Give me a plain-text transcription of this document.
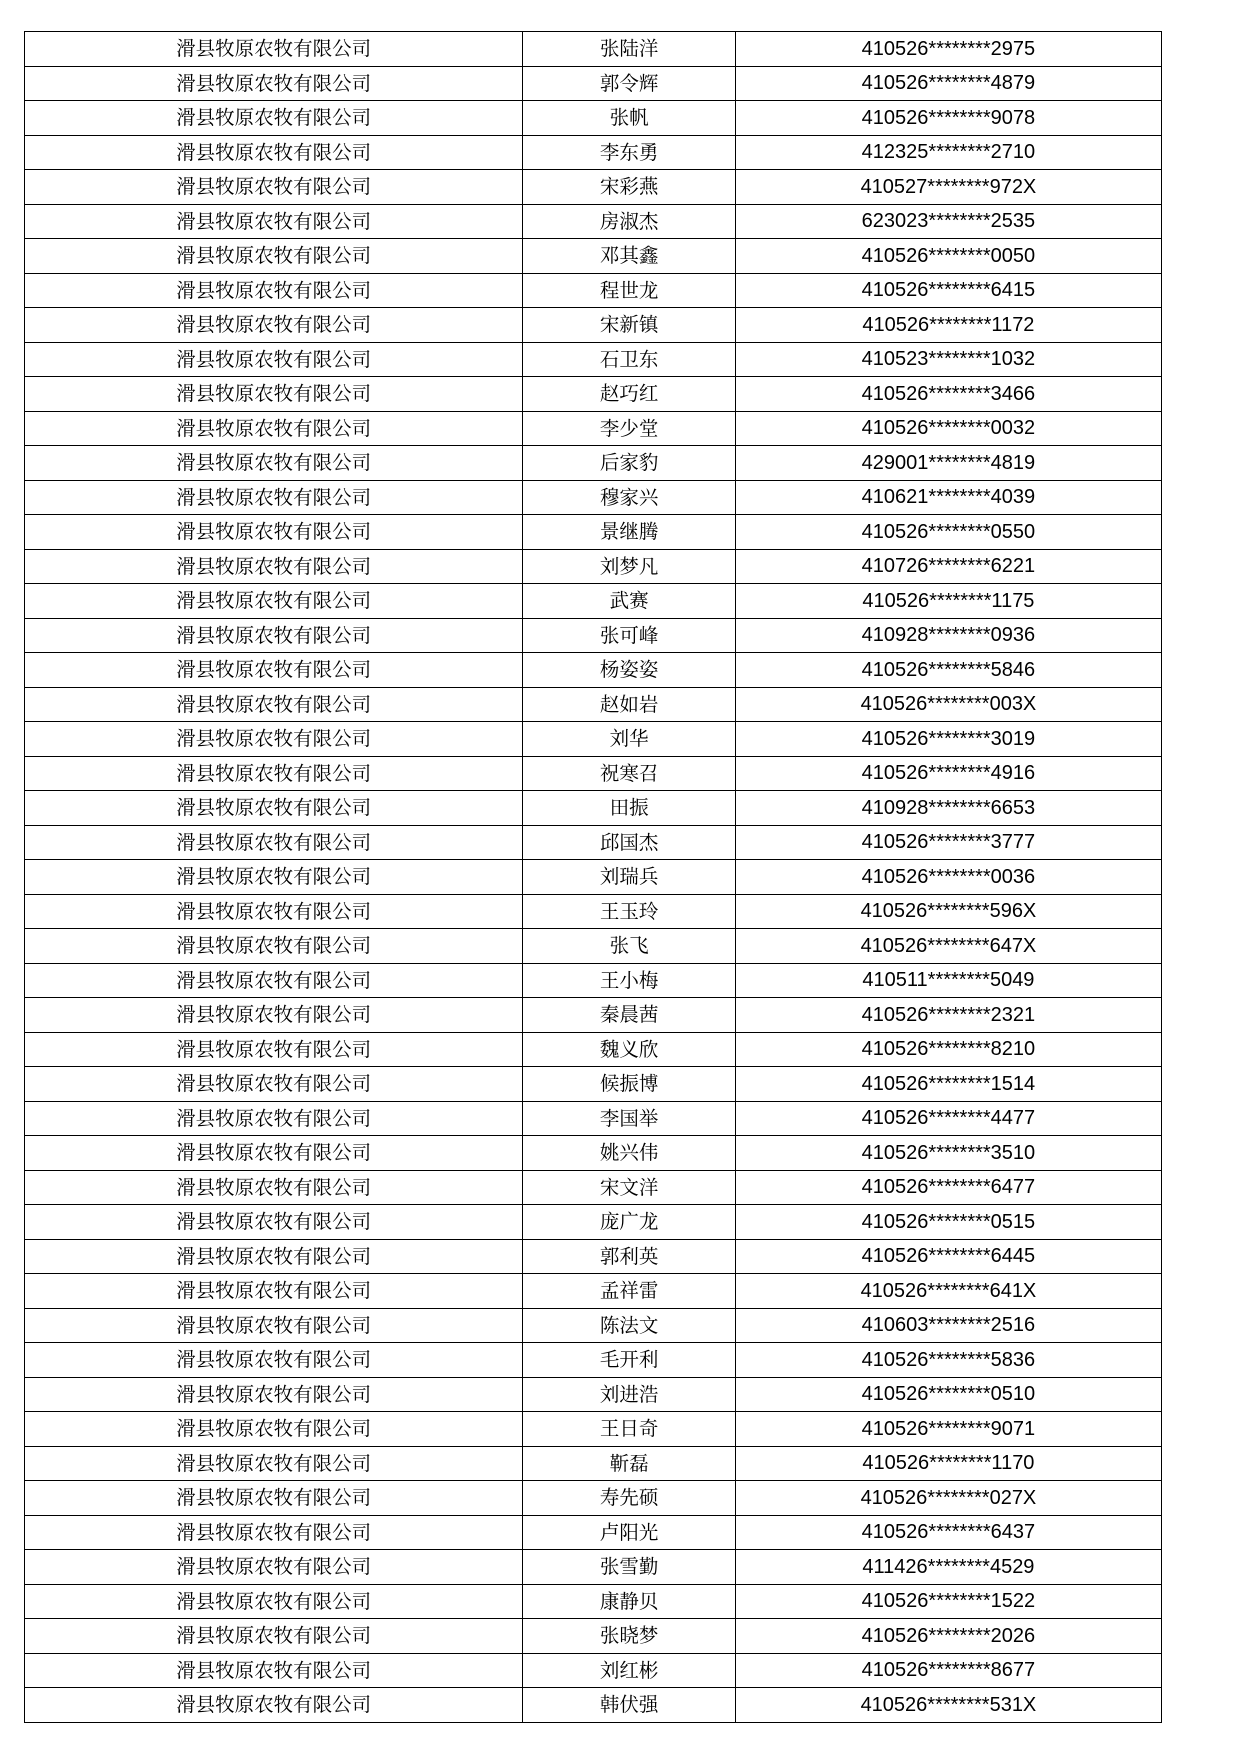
滑县牧原农牧有限公司	张陆洋	410526********2975
滑县牧原农牧有限公司	郭令辉	410526********4879
滑县牧原农牧有限公司	张帆	410526********9078
滑县牧原农牧有限公司	李东勇	412325********2710
滑县牧原农牧有限公司	宋彩燕	410527********972X
滑县牧原农牧有限公司	房淑杰	623023********2535
滑县牧原农牧有限公司	邓其鑫	410526********0050
滑县牧原农牧有限公司	程世龙	410526********6415
滑县牧原农牧有限公司	宋新镇	410526********1172
滑县牧原农牧有限公司	石卫东	410523********1032
滑县牧原农牧有限公司	赵巧红	410526********3466
滑县牧原农牧有限公司	李少堂	410526********0032
滑县牧原农牧有限公司	后家豹	429001********4819
滑县牧原农牧有限公司	穆家兴	410621********4039
滑县牧原农牧有限公司	景继腾	410526********0550
滑县牧原农牧有限公司	刘梦凡	410726********6221
滑县牧原农牧有限公司	武赛	410526********1175
滑县牧原农牧有限公司	张可峰	410928********0936
滑县牧原农牧有限公司	杨姿姿	410526********5846
滑县牧原农牧有限公司	赵如岩	410526********003X
滑县牧原农牧有限公司	刘华	410526********3019
滑县牧原农牧有限公司	祝寒召	410526********4916
滑县牧原农牧有限公司	田振	410928********6653
滑县牧原农牧有限公司	邱国杰	410526********3777
滑县牧原农牧有限公司	刘瑞兵	410526********0036
滑县牧原农牧有限公司	王玉玲	410526********596X
滑县牧原农牧有限公司	张飞	410526********647X
滑县牧原农牧有限公司	王小梅	410511********5049
滑县牧原农牧有限公司	秦晨茜	410526********2321
滑县牧原农牧有限公司	魏义欣	410526********8210
滑县牧原农牧有限公司	候振博	410526********1514
滑县牧原农牧有限公司	李国举	410526********4477
滑县牧原农牧有限公司	姚兴伟	410526********3510
滑县牧原农牧有限公司	宋文洋	410526********6477
滑县牧原农牧有限公司	庞广龙	410526********0515
滑县牧原农牧有限公司	郭利英	410526********6445
滑县牧原农牧有限公司	孟祥雷	410526********641X
滑县牧原农牧有限公司	陈法文	410603********2516
滑县牧原农牧有限公司	毛开利	410526********5836
滑县牧原农牧有限公司	刘进浩	410526********0510
滑县牧原农牧有限公司	王日奇	410526********9071
滑县牧原农牧有限公司	靳磊	410526********1170
滑县牧原农牧有限公司	寿先硕	410526********027X
滑县牧原农牧有限公司	卢阳光	410526********6437
滑县牧原农牧有限公司	张雪勤	411426********4529
滑县牧原农牧有限公司	康静贝	410526********1522
滑县牧原农牧有限公司	张晓梦	410526********2026
滑县牧原农牧有限公司	刘红彬	410526********8677
滑县牧原农牧有限公司	韩伏强	410526********531X
